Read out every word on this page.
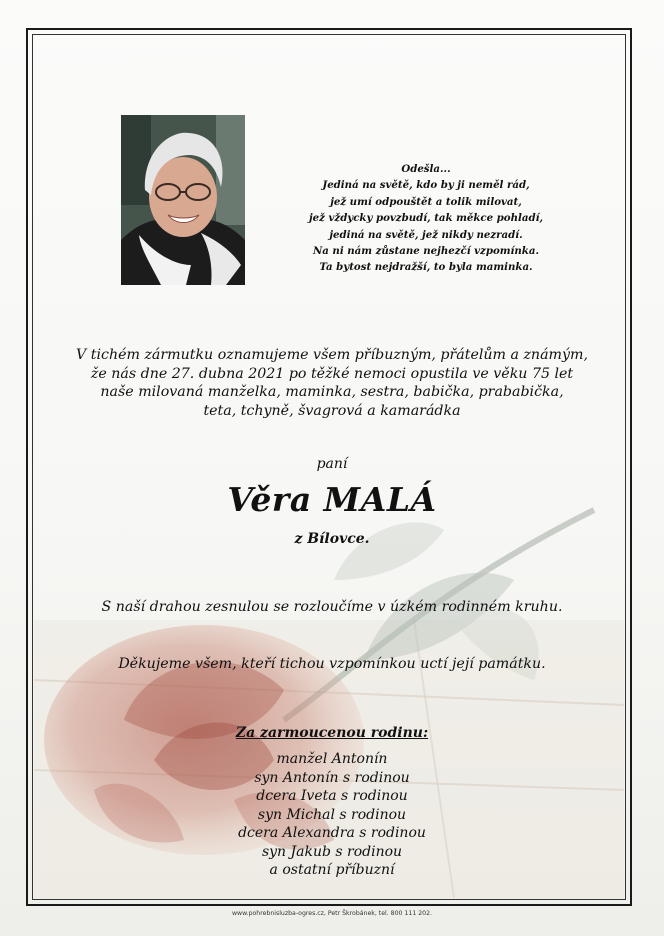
Odešla...
Jediná na světě, kdo by ji neměl rád,
jež umí odpouštět a tolik milovat,
jež vždycky povzbudí, tak měkce pohladí,
jediná na světě, jež nikdy nezradí.
Na ni nám zůstane nejhezčí vzpomínka.
Ta bytost nejdražší, to byla maminka.
V tichém zármutku oznamujeme všem příbuzným, přátelům a známým,
že nás dne 27. dubna 2021 po těžké nemoci opustila ve věku 75 let
naše milovaná manželka, maminka, sestra, babička, prababička,
teta, tchyně, švagrová a kamarádka
paní
Věra MALÁ
z Bílovce.
S naší drahou zesnulou se rozloučíme v úzkém rodinném kruhu.
Děkujeme všem, kteří tichou vzpomínkou uctí její památku.
Za zarmoucenou rodinu:
manžel Antonín
syn Antonín s rodinou
dcera Iveta s rodinou
syn Michal s rodinou
dcera Alexandra s rodinou
syn Jakub s rodinou
a ostatní příbuzní
www.pohrebnisluzba-ogres.cz, Petr Škrobánek, tel. 800 111 202.
